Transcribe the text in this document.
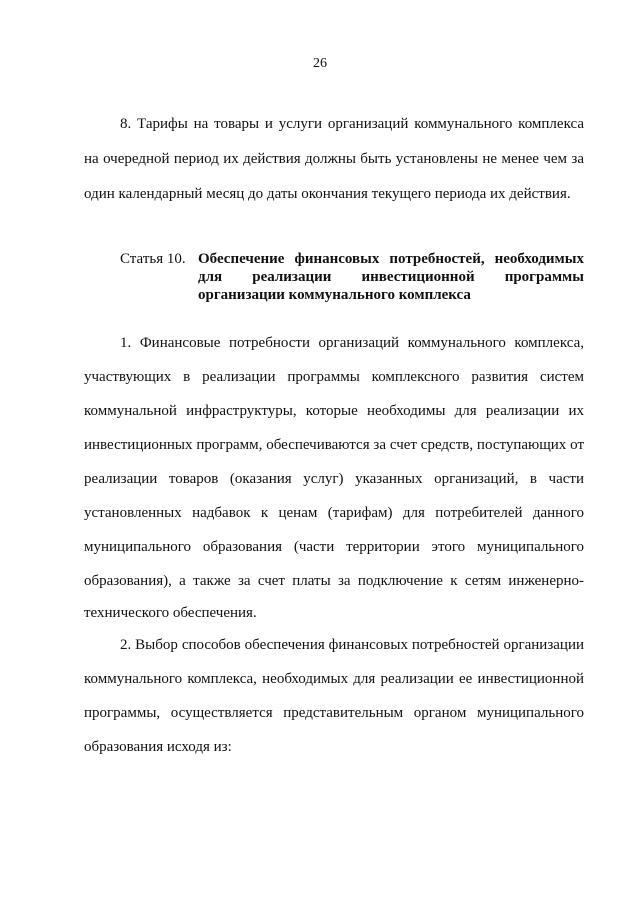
26
8. Тарифы на товары и услуги организаций коммунального комплекса
на очередной период их действия должны быть установлены не менее чем за
один календарный месяц до даты окончания текущего периода их действия.
Статья 10. Обеспечение финансовых потребностей, необходимых
для реализации инвестиционной программы
организации коммунального комплекса
1. Финансовые потребности организаций коммунального комплекса,
участвующих в реализации программы комплексного развития систем
коммунальной инфраструктуры, которые необходимы для реализации их
инвестиционных программ, обеспечиваются за счет средств, поступающих от
реализации товаров (оказания услуг) указанных организаций, в части
установленных надбавок к ценам (тарифам) для потребителей данного
муниципального образования (части территории этого муниципального
образования), а также за счет платы за подключение к сетям инженерно-
технического обеспечения.
2. Выбор способов обеспечения финансовых потребностей организации
коммунального комплекса, необходимых для реализации ее инвестиционной
программы, осуществляется представительным органом муниципального
образования исходя из:
